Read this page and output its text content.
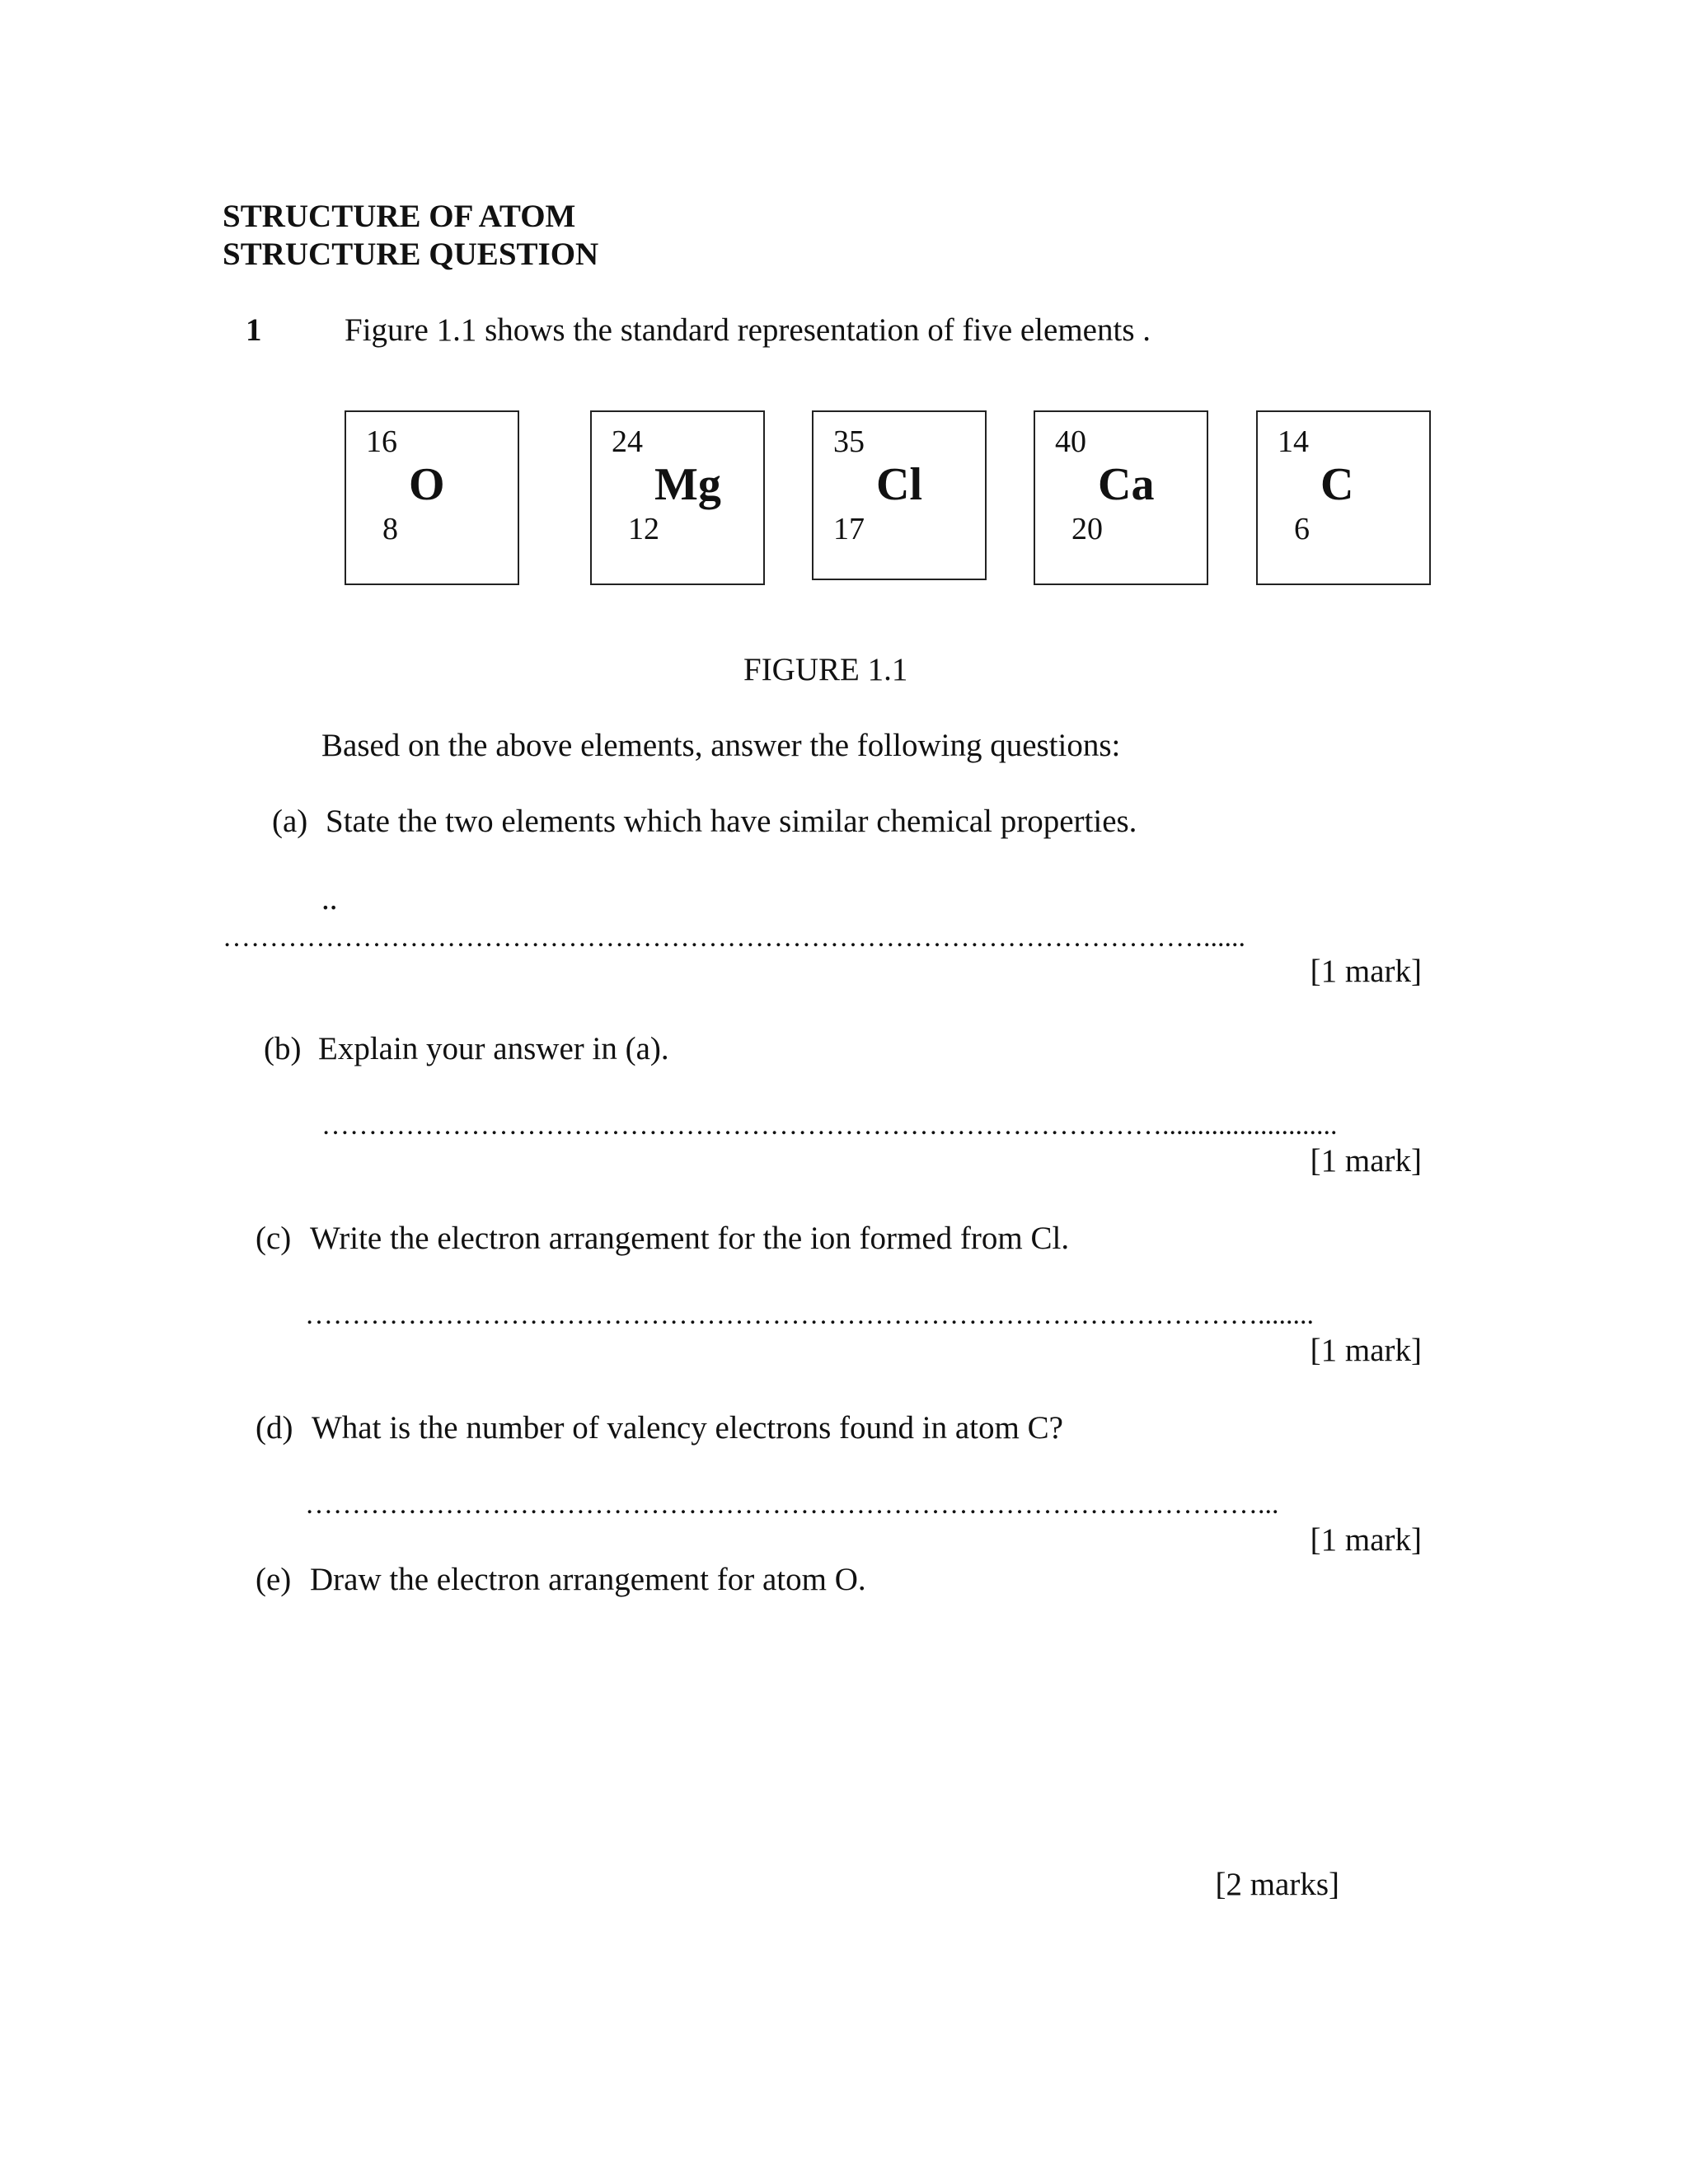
STRUCTURE OF ATOM
STRUCTURE QUESTION
1	Figure 1.1 shows the standard representation of five elements .
16
O
8
24
Mg
12
35
Cl
17
40
Ca
20
14
C
6
FIGURE 1.1
Based on the above elements, answer the following questions:
(a) State the two elements which have similar chemical properties.
..
……………………………………………………………………………………………......
[1 mark]
(b) Explain your answer in (a).
……………………………………………………………………………….........................
[1 mark]
(c) Write the electron arrangement for the ion formed from Cl.
…………………………………………………………………………………………........
[1 mark]
(d) What is the number of valency electrons found in atom C?
…………………………………………………………………………………………...
[1 mark]
(e) Draw the electron arrangement for atom O.
[2 marks]
